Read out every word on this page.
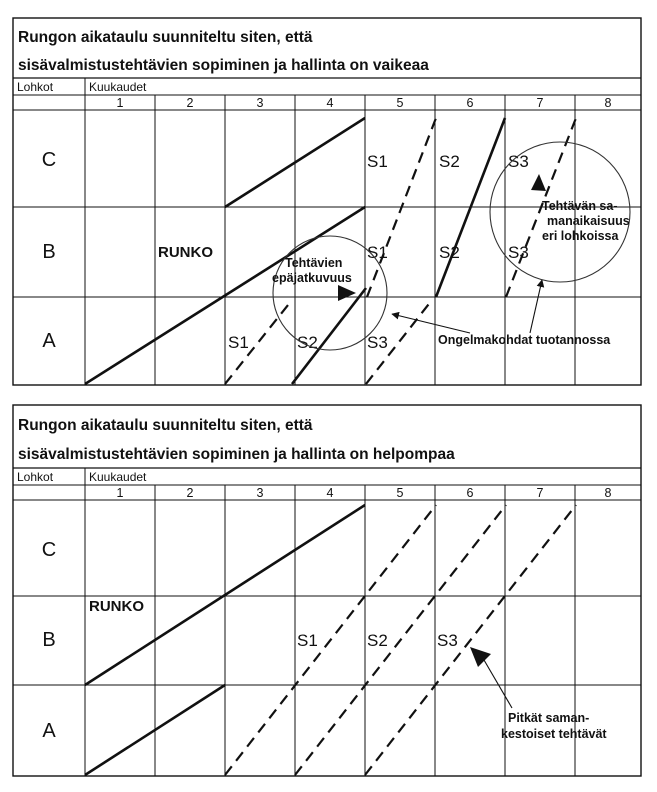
Rungon aikataulu suunniteltu siten, että
sisävalmistustehtävien sopiminen ja hallinta on vaikeaa
Lohkot	Kuukaudet
1	2	3	4	5	6	7	8
C
B
A
RUNKO
S1	S2	S3
S1	S2	S3
S1	S2	S3
Tehtävien
epäjatkuvuus
Tehtävän sa-
manaikaisuus
eri lohkoissa
Ongelmakohdat tuotannossa
Rungon aikataulu suunniteltu siten, että
sisävalmistustehtävien sopiminen ja hallinta on helpompaa
Lohkot	Kuukaudet
1	2	3	4	5	6	7	8
C
B
A
RUNKO
S1	S2	S3
Pitkät saman-
kestoiset tehtävät
